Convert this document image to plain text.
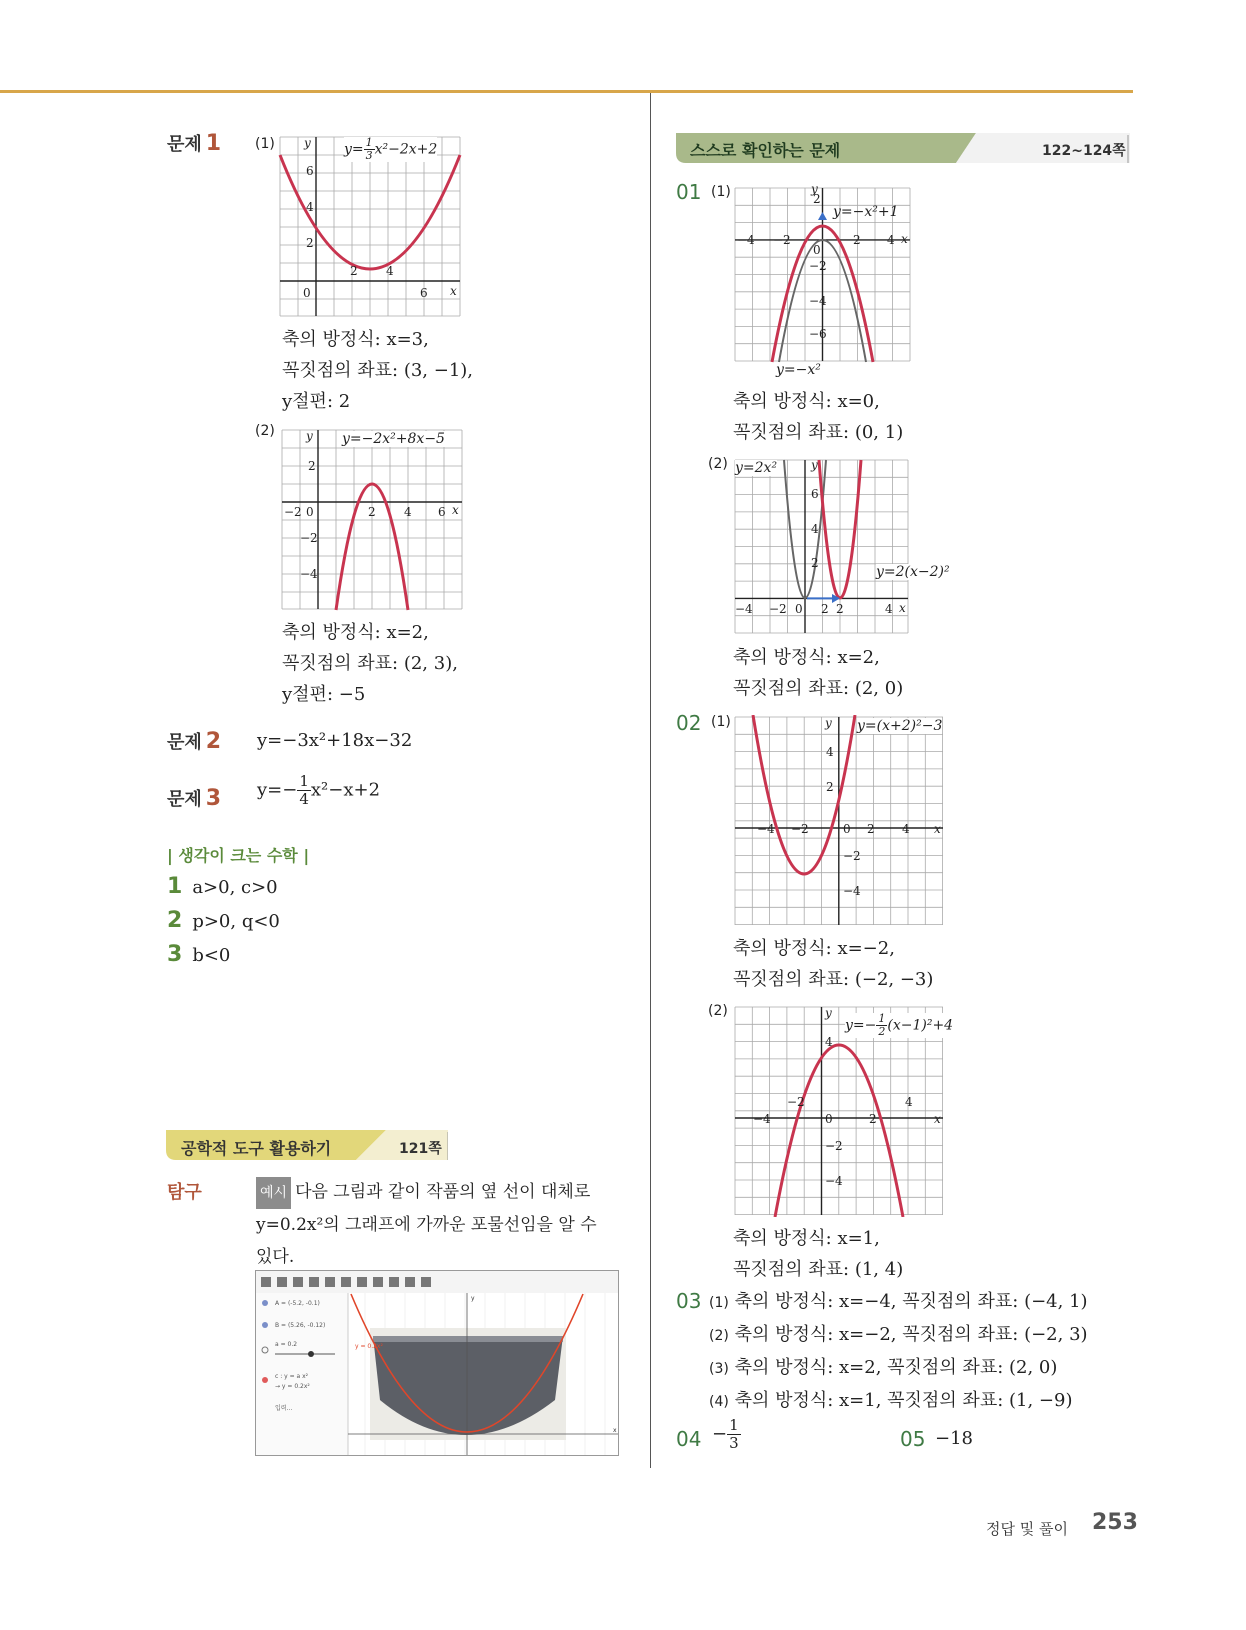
문제 1 (1)
2 4
6
6
4
2
0	x
y $y= \frac{1}{3} x^2-2x+2$
축의 방정식: x=3,
꼭짓점의 좌표: (3, −1),
y절편: 2
(2)
−2	2 4 6
2
−2
−4
0	x
y y=−2x²+8x−5
축의 방정식: x=2,
꼭짓점의 좌표: (2, 3),
y절편: −5
문제 2 y=−3x²+18x−32
문제 3 $y=- \frac{1}{4} x^2-x+2$
| 생각이 크는 수학 |
1 a>0, c>0
2 p>0, q<0
3 b<0
공학적 도구 활용하기	121쪽
탐구	예시 다음 그림과 같이 작품의 옆 선이 대체로
y=0.2x²의 그래프에 가까운 포물선임을 알 수
있다.
A = (-5.2, -0.1)
B = (5.26, -0.12)
a = 0.2
c : y = a x²
→ y = 0.2x²
입력...
y = 0.2x²
x
y
스스로 확인하는 문제	122~124쪽
01 (1)
−4 −2	2 4
2
−2
−4
−6
0
x
y
y=−x²+1
y=−x²
축의 방정식: x=0,
꼭짓점의 좌표: (0, 1)
(2)
−4 −2	2 2	4
6
4
2
0	x
y
y=2x²
y=2(x−2)²
축의 방정식: x=2,
꼭짓점의 좌표: (2, 0)
02 (1)
−4 −2	2 4
4
2
−2
−4
0	x
y y=(x+2)²−3
축의 방정식: x=−2,
꼭짓점의 좌표: (−2, −3)
(2)
−4
−2
2
4
4
−2
−4
0	x
y
$y=- \frac{1}{2} (x-1)^2+4$
축의 방정식: x=1,
꼭짓점의 좌표: (1, 4)
03 (1) 축의 방정식: x=−4, 꼭짓점의 좌표: (−4, 1)
(2) 축의 방정식: x=−2, 꼭짓점의 좌표: (−2, 3)
(3) 축의 방정식: x=2, 꼭짓점의 좌표: (2, 0)
(4) 축의 방정식: x=1, 꼭짓점의 좌표: (1, −9)
$04 - \frac{1}{3}$	05 −18
정답 및 풀이 253
